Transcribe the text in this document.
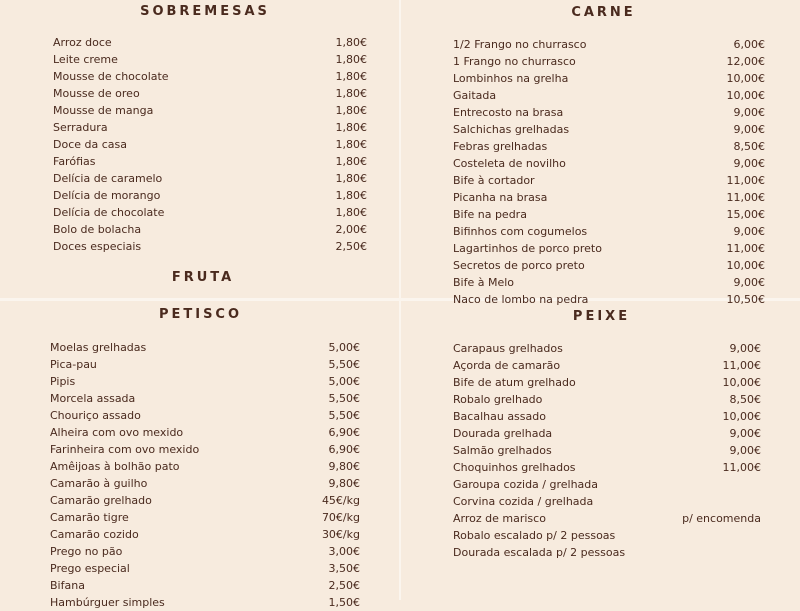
SOBREMESAS
Arroz doce	1,80€
Leite creme	1,80€
Mousse de chocolate	1,80€
Mousse de oreo	1,80€
Mousse de manga	1,80€
Serradura	1,80€
Doce da casa	1,80€
Farófias	1,80€
Delícia de caramelo	1,80€
Delícia de morango	1,80€
Delícia de chocolate	1,80€
Bolo de bolacha	2,00€
Doces especiais	2,50€
FRUTA
CARNE
1/2 Frango no churrasco	6,00€
1 Frango no churrasco	12,00€
Lombinhos na grelha	10,00€
Gaitada	10,00€
Entrecosto na brasa	9,00€
Salchichas grelhadas	9,00€
Febras grelhadas	8,50€
Costeleta de novilho	9,00€
Bife à cortador	11,00€
Picanha na brasa	11,00€
Bife na pedra	15,00€
Bifinhos com cogumelos	9,00€
Lagartinhos de porco preto	11,00€
Secretos de porco preto	10,00€
Bife à Melo	9,00€
Naco de lombo na pedra	10,50€
PETISCO
Moelas grelhadas	5,00€
Pica-pau	5,50€
Pipis	5,00€
Morcela assada	5,50€
Chouriço assado	5,50€
Alheira com ovo mexido	6,90€
Farinheira com ovo mexido	6,90€
Amêijoas à bolhão pato	9,80€
Camarão à guilho	9,80€
Camarão grelhado	45€/kg
Camarão tigre	70€/kg
Camarão cozido	30€/kg
Prego no pão	3,00€
Prego especial	3,50€
Bifana	2,50€
Hambúrguer simples	1,50€
PEIXE
Carapaus grelhados	9,00€
Açorda de camarão	11,00€
Bife de atum grelhado	10,00€
Robalo grelhado	8,50€
Bacalhau assado	10,00€
Dourada grelhada	9,00€
Salmão grelhados	9,00€
Choquinhos grelhados	11,00€
Garoupa cozida / grelhada
Corvina cozida / grelhada
Arroz de marisco	p/ encomenda
Robalo escalado p/ 2 pessoas
Dourada escalada p/ 2 pessoas
